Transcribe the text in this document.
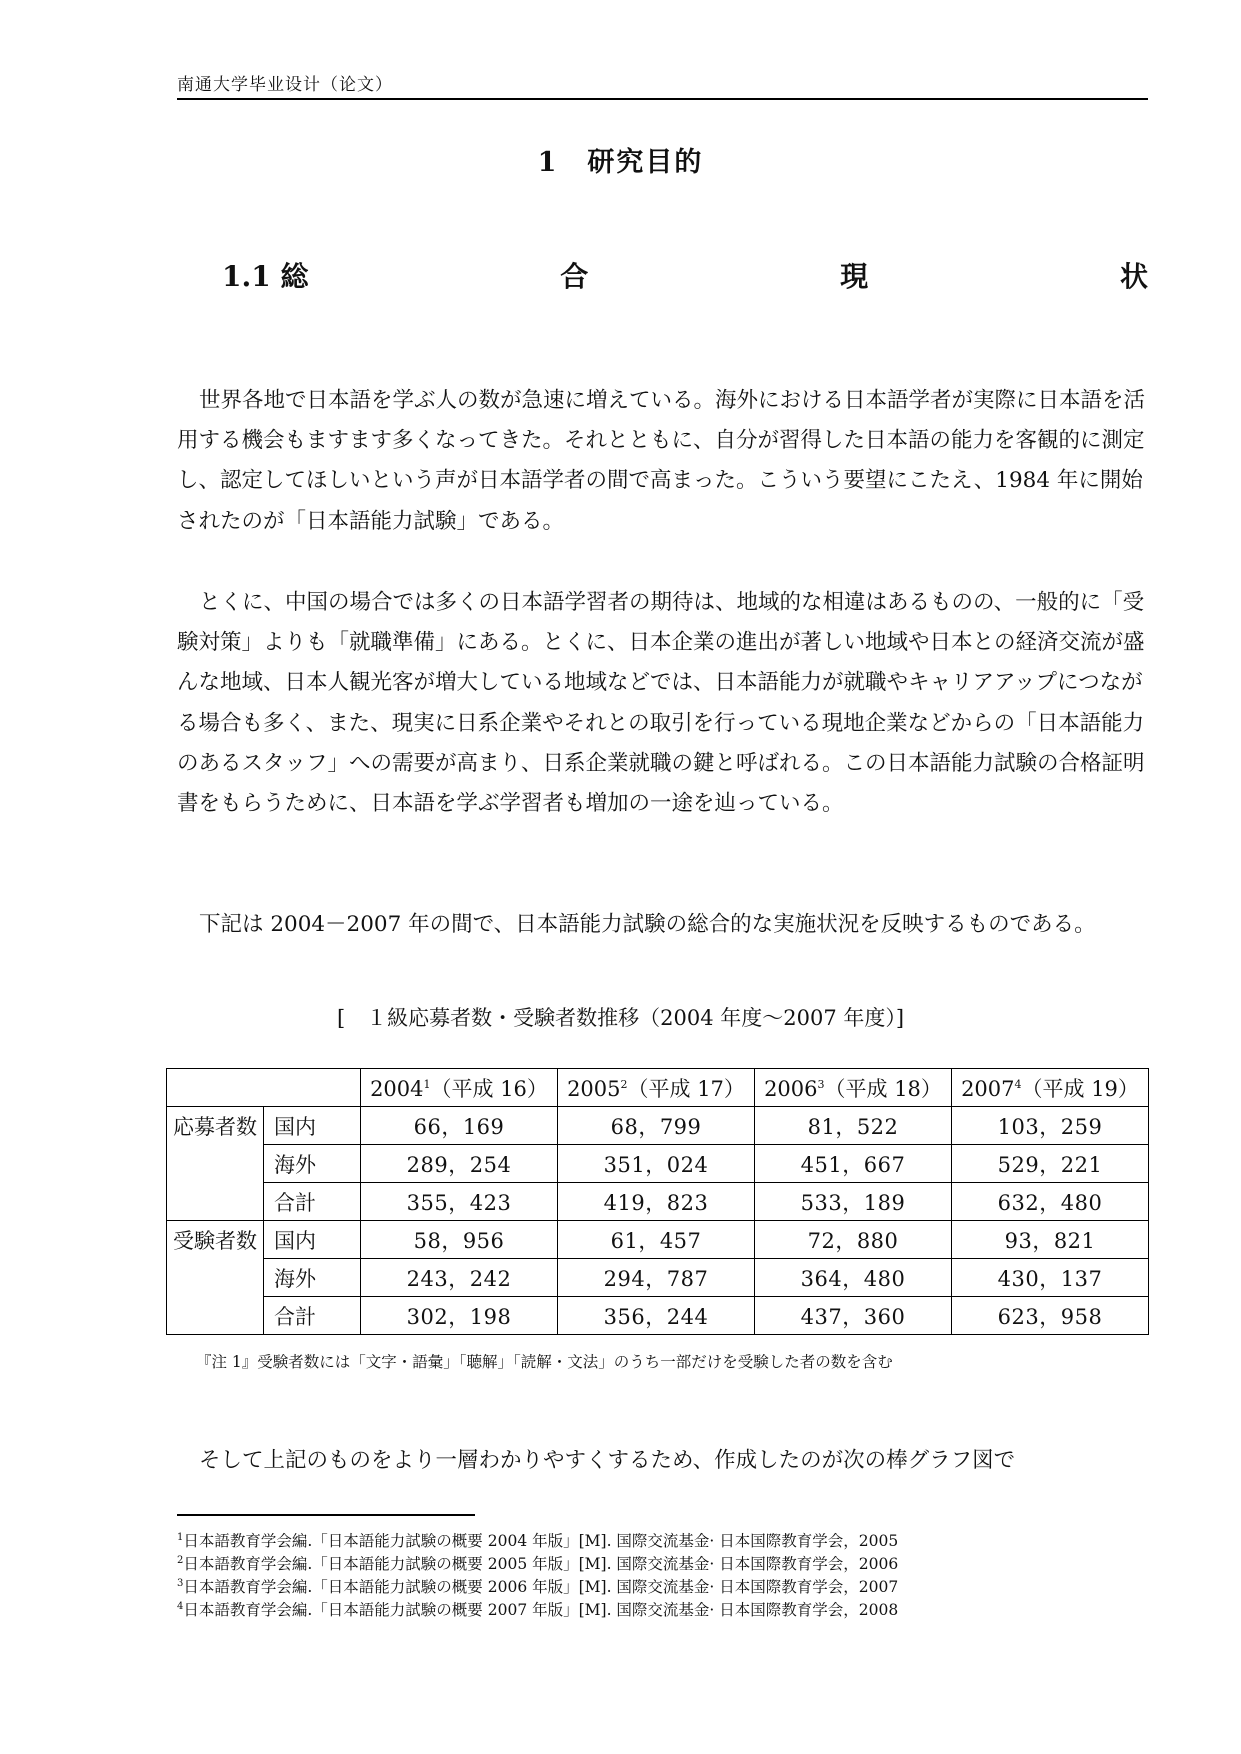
南通大学毕业设计（论文）
1　研究目的
1.1 総	合	現	状

世界各地で日本語を学ぶ人の数が急速に増えている。海外における日本語学者が実際に日本語を活用する機会もますます多くなってきた。それとともに、自分が習得した日本語の能力を客観的に測定し、認定してほしいという声が日本語学者の間で高まった。こういう要望にこたえ、1984 年に開始されたのが「日本語能力試験」である。

とくに、中国の場合では多くの日本語学習者の期待は、地域的な相違はあるものの、一般的に「受験対策」よりも「就職準備」にある。とくに、日本企業の進出が著しい地域や日本との経済交流が盛んな地域、日本人観光客が増大している地域などでは、日本語能力が就職やキャリアアップにつながる場合も多く、また、現実に日系企業やそれとの取引を行っている現地企業などからの「日本語能力のあるスタッフ」への需要が高まり、日系企業就職の鍵と呼ばれる。この日本語能力試験の合格証明書をもらうために、日本語を学ぶ学習者も増加の一途を辿っている。

下記は 2004－2007 年の間で、日本語能力試験の総合的な実施状況を反映するものである。

[　１級応募者数・受験者数推移（2004 年度～2007 年度）]
		2004$^1$（平成 16）	2005$^2$（平成 17）	2006$^3$（平成 18）	2007$^4$（平成 19）
応募者数	国内	66，169	68，799	81，522	103，259
	海外	289，254	351，024	451，667	529，221
	合計	355，423	419，823	533，189	632，480
受験者数	国内	58，956	61，457	72，880	93，821
	海外	243，242	294，787	364，480	430，137
	合計	302，198	356，244	437，360	623，958
『注 1』受験者数には「文字・語彙」「聴解」「読解・文法」のうち一部だけを受験した者の数を含む

そして上記のものをより一層わかりやすくするため、作成したのが次の棒グラフ図で

$^1$日本語教育学会編.「日本語能力試験の概要 2004 年版」[M]. 国際交流基金· 日本国際教育学会，2005
$^2$日本語教育学会編.「日本語能力試験の概要 2005 年版」[M]. 国際交流基金· 日本国際教育学会，2006
$^3$日本語教育学会編.「日本語能力試験の概要 2006 年版」[M]. 国際交流基金· 日本国際教育学会，2007
$^4$日本語教育学会編.「日本語能力試験の概要 2007 年版」[M]. 国際交流基金· 日本国際教育学会，2008
